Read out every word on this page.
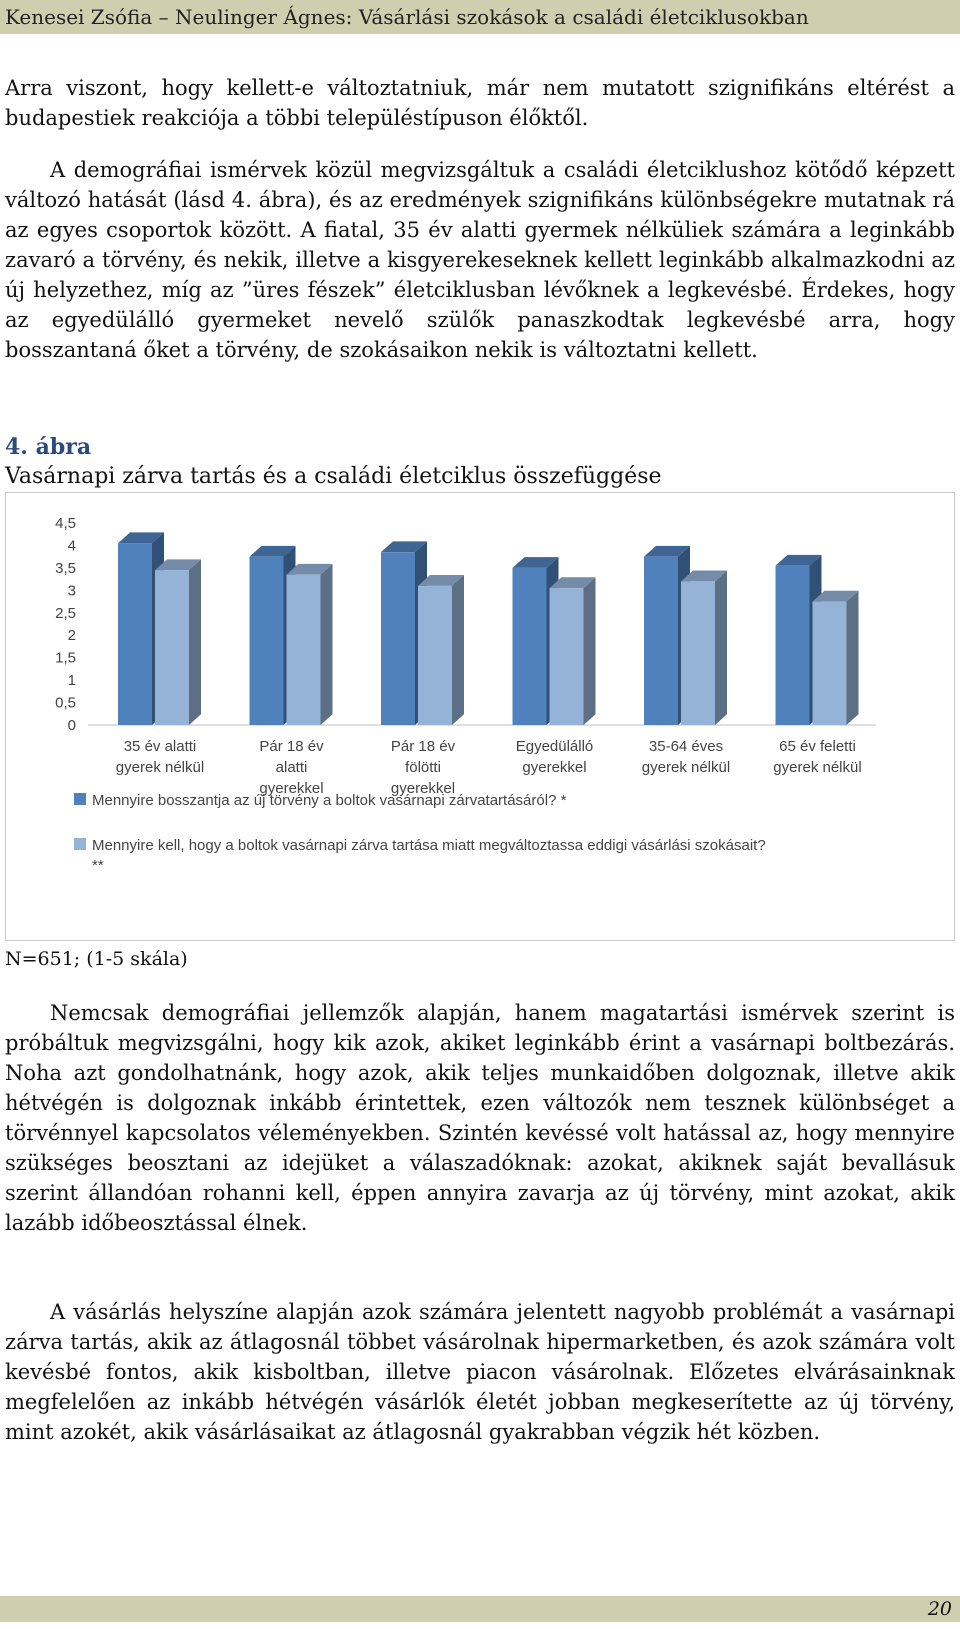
Kenesei Zsófia – Neulinger Ágnes: Vásárlási szokások a családi életciklusokban

Arra viszont, hogy kellett-e változtatniuk, már nem mutatott szignifikáns eltérést a budapestiek reakciója a többi településtípuson élőktől.

A demográfiai ismérvek közül megvizsgáltuk a családi életciklushoz kötődő képzett változó hatását (lásd 4. ábra), és az eredmények szignifikáns különbségekre mutatnak rá az egyes csoportok között. A fiatal, 35 év alatti gyermek nélküliek számára a leginkább zavaró a törvény, és nekik, illetve a kisgyerekeseknek kellett leginkább alkalmazkodni az új helyzethez, míg az ”üres fészek” életciklusban lévőknek a legkevésbé. Érdekes, hogy az egyedülálló gyermeket nevelő szülők panaszkodtak legkevésbé arra, hogy bosszantaná őket a törvény, de szokásaikon nekik is változtatni kellett.

4. ábra
Vasárnapi zárva tartás és a családi életciklus összefüggése
4,5
4
3,5
3
2,5
2
1,5
1
0,5
0
35 év alatti
gyerek nélkül
Pár 18 év
alatti
gyerekkel
Pár 18 év
fölötti
gyerekkel
Egyedülálló
gyerekkel
35-64 éves
gyerek nélkül
65 év feletti
gyerek nélkül
Mennyire bosszantja az új törvény a boltok vasárnapi zárvatartásáról? *
Mennyire kell, hogy a boltok vasárnapi zárva tartása miatt megváltoztassa eddigi vásárlási szokásait?
**
N=651; (1-5 skála)

Nemcsak demográfiai jellemzők alapján, hanem magatartási ismérvek szerint is próbáltuk megvizsgálni, hogy kik azok, akiket leginkább érint a vasárnapi boltbezárás. Noha azt gondolhatnánk, hogy azok, akik teljes munkaidőben dolgoznak, illetve akik hétvégén is dolgoznak inkább érintettek, ezen változók nem tesznek különbséget a törvénnyel kapcsolatos véleményekben. Szintén kevéssé volt hatással az, hogy mennyire szükséges beosztani az idejüket a válaszadóknak: azokat, akiknek saját bevallásuk szerint állandóan rohanni kell, éppen annyira zavarja az új törvény, mint azokat, akik lazább időbeosztással élnek.

A vásárlás helyszíne alapján azok számára jelentett nagyobb problémát a vasárnapi zárva tartás, akik az átlagosnál többet vásárolnak hipermarketben, és azok számára volt kevésbé fontos, akik kisboltban, illetve piacon vásárolnak. Előzetes elvárásainknak megfelelően az inkább hétvégén vásárlók életét jobban megkeserítette az új törvény, mint azokét, akik vásárlásaikat az átlagosnál gyakrabban végzik hét közben.

20
